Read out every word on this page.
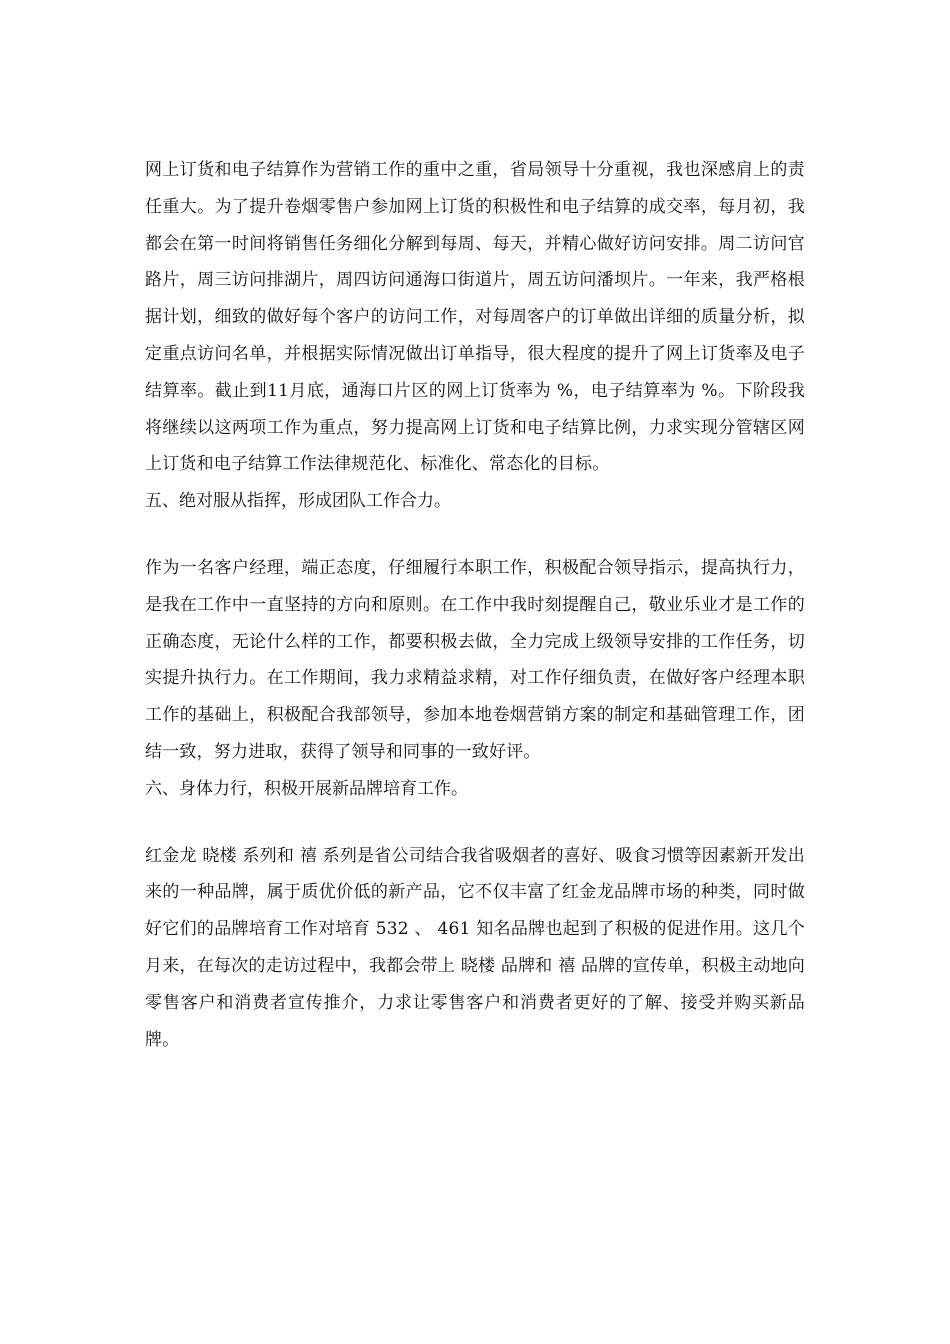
网上订货和电子结算作为营销工作的重中之重，省局领导十分重视，我也深感肩上的责任重大。为了提升卷烟零售户参加网上订货的积极性和电子结算的成交率，每月初，我都会在第一时间将销售任务细化分解到每周、每天，并精心做好访问安排。周二访问官路片，周三访问排湖片，周四访问通海口街道片，周五访问潘坝片。一年来，我严格根据计划，细致的做好每个客户的访问工作，对每周客户的订单做出详细的质量分析，拟定重点访问名单，并根据实际情况做出订单指导，很大程度的提升了网上订货率及电子结算率。截止到11月底，通海口片区的网上订货率为 %，电子结算率为 %。下阶段我将继续以这两项工作为重点，努力提高网上订货和电子结算比例，力求实现分管辖区网上订货和电子结算工作法律规范化、标准化、常态化的目标。

五、绝对服从指挥，形成团队工作合力。

作为一名客户经理，端正态度，仔细履行本职工作，积极配合领导指示，提高执行力，是我在工作中一直坚持的方向和原则。在工作中我时刻提醒自己，敬业乐业才是工作的正确态度，无论什么样的工作，都要积极去做，全力完成上级领导安排的工作任务，切实提升执行力。在工作期间，我力求精益求精，对工作仔细负责，在做好客户经理本职工作的基础上，积极配合我部领导，参加本地卷烟营销方案的制定和基础管理工作，团结一致，努力进取，获得了领导和同事的一致好评。

六、身体力行，积极开展新品牌培育工作。

红金龙 晓楼 系列和 禧 系列是省公司结合我省吸烟者的喜好、吸食习惯等因素新开发出来的一种品牌，属于质优价低的新产品，它不仅丰富了红金龙品牌市场的种类，同时做好它们的品牌培育工作对培育 532 、 461 知名品牌也起到了积极的促进作用。这几个月来，在每次的走访过程中，我都会带上 晓楼 品牌和 禧 品牌的宣传单，积极主动地向零售客户和消费者宣传推介，力求让零售客户和消费者更好的了解、接受并购买新品牌。
